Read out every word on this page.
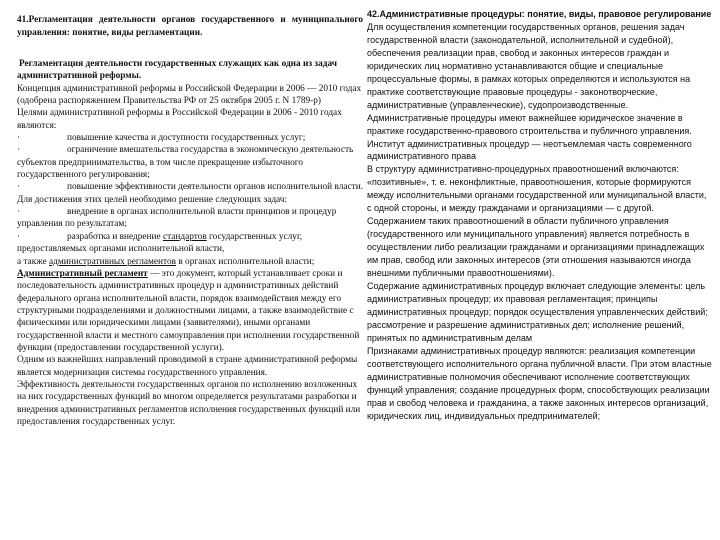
41.Регламентация деятельности органов государственного и муниципального управления: понятие, виды регламентации.

Регламентация деятельности государственных служащих как одна из задач административной реформы.

Концепция административной реформы в Российской Федерации в 2006 — 2010 годах (одобрена распоряжением Правительства РФ от 25 октября 2005 г. N 1789-р)

Целями административной реформы в Российской Федерации в 2006 - 2010 годах являются:

·	повышение качества и доступности государственных услуг;

·	ограничение вмешательства государства в экономическую деятельность субъектов предпринимательства, в том числе прекращение избыточного государственного регулирования;

·	повышение эффективности деятельности органов исполнительной власти.

Для достижения этих целей необходимо решение следующих задач:

·	внедрение в органах исполнительной власти принципов и процедур управления по результатам;

·	разработка и внедрение стандартов государственных услуг, предоставляемых органами исполнительной власти,

а также административных регламентов в органах исполнительной власти;

Административный регламент — это документ, который устанавливает сроки и последовательность административных процедур и административных действий федерального органа исполнительной власти, порядок взаимодействия между его структурными подразделениями и должностными лицами, а также взаимодействие с физическими или юридическими лицами (заявителями), иными органами государственной власти и местного самоуправления при исполнении государственной функции (предоставлении государственной услуги).

Одним из важнейших направлений проводимой в стране административной реформы является модернизация системы государственного управления.

Эффективность деятельности государственных органов по исполнению возложенных на них государственных функций во многом определяется результатами разработки и внедрения административных регламентов исполнения государственных функций или предоставления государственных услуг.

42.Административные процедуры: понятие, виды, правовое регулирование

Для осуществления компетенции государственных органов, решения задач государственной власти (законодательной, исполнительной и судебной), обеспечения реализации прав, свобод и законных интересов граждан и юридических лиц нормативно устанавливаются общие и специальные процессуальные формы, в рамках которых определяются и используются на практике соответствующие правовые процедуры - законотворческие, административные (управленческие), судопроизводственные.

Административные процедуры имеют важнейшее юридическое значение в практике государственно-правового строительства и публичного управления. Институт административных процедур — неотъемлемая часть современного административного права

В структуру административно-процедурных правоотношений включаются: «позитивные», т. е. неконфликтные, правоотношения, которые формируются между исполнительными органами государственной или муниципальной власти, с одной стороны, и между гражданами и организациями — с другой. Содержанием таких правоотношений в области публичного управления (государственного или муниципального управления) является потребность в осуществлении либо реализации гражданами и организациями принадлежащих им прав, свобод или законных интересов (эти отношения называются иногда внешними публичными правоотношениями).

Содержание административных процедур включает следующие элементы: цель административных процедур; их правовая регламентация; принципы административных процедур; порядок осуществления управленческих действий; рассмотрение и разрешение административных дел; исполнение решений, принятых по административным делам

Признаками административных процедур являются: реализация компетенции соответствующего исполнительного органа публичной власти. При этом властные административные полномочия обеспечивают исполнение соответствующих функций управления; создание процедурных форм, способствующих реализации прав и свобод человека и гражданина, а также законных интересов организаций, юридических лиц, индивидуальных предпринимателей;
